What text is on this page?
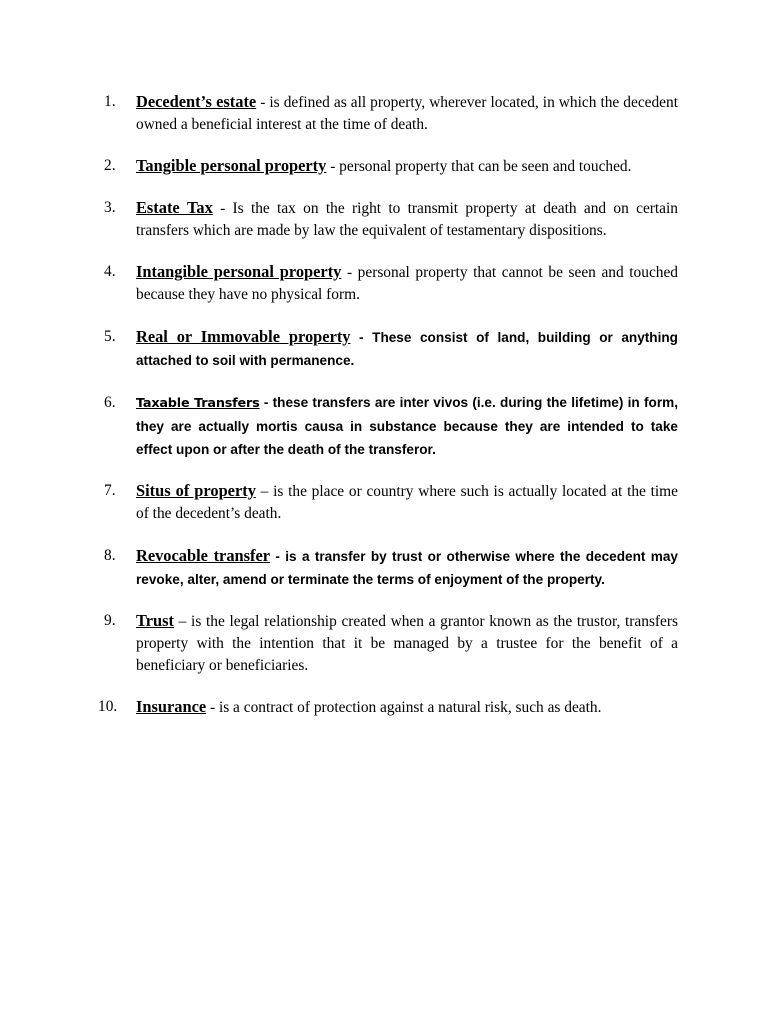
1.	Decedent’s estate - is defined as all property, wherever located, in which the decedent owned a beneficial interest at the time of death.
2.	Tangible personal property - personal property that can be seen and touched.
3.	Estate Tax - Is the tax on the right to transmit property at death and on certain transfers which are made by law the equivalent of testamentary dispositions.
4.	Intangible personal property - personal property that cannot be seen and touched because they have no physical form.
5.	Real or Immovable property - These consist of land, building or anything attached to soil with permanence.
6.	Taxable Transfers - these transfers are inter vivos (i.e. during the lifetime) in form, they are actually mortis causa in substance because they are intended to take effect upon or after the death of the transferor.
7.	Situs of property – is the place or country where such is actually located at the time of the decedent’s death.
8.	Revocable transfer - is a transfer by trust or otherwise where the decedent may revoke, alter, amend or terminate the terms of enjoyment of the property.
9.	Trust – is the legal relationship created when a grantor known as the trustor, transfers property with the intention that it be managed by a trustee for the benefit of a beneficiary or beneficiaries.
10.	Insurance - is a contract of protection against a natural risk, such as death.
